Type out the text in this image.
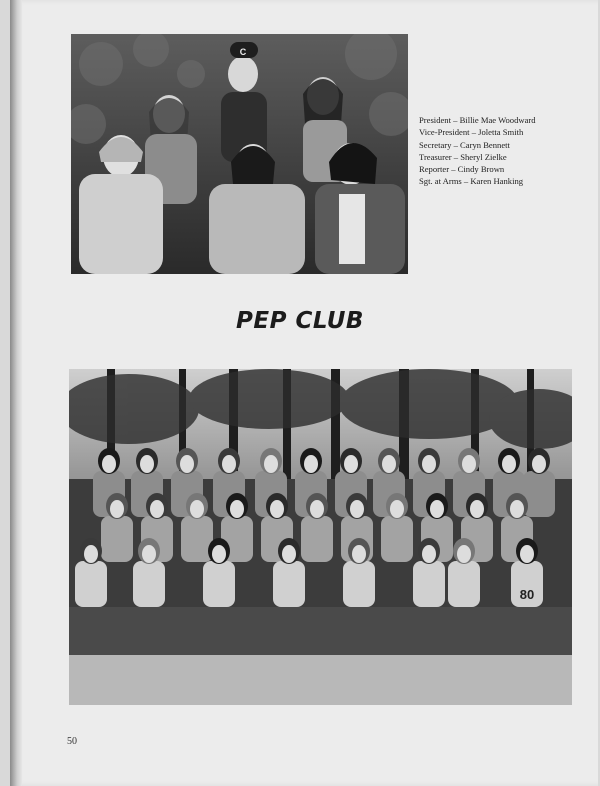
C
President – Billie Mae Woodward
Vice-President – Joletta Smith
Secretary – Caryn Bennett
Treasurer – Sheryl Zielke
Reporter – Cindy Brown
Sgt. at Arms – Karen Hanking
PEP CLUB
80
50
